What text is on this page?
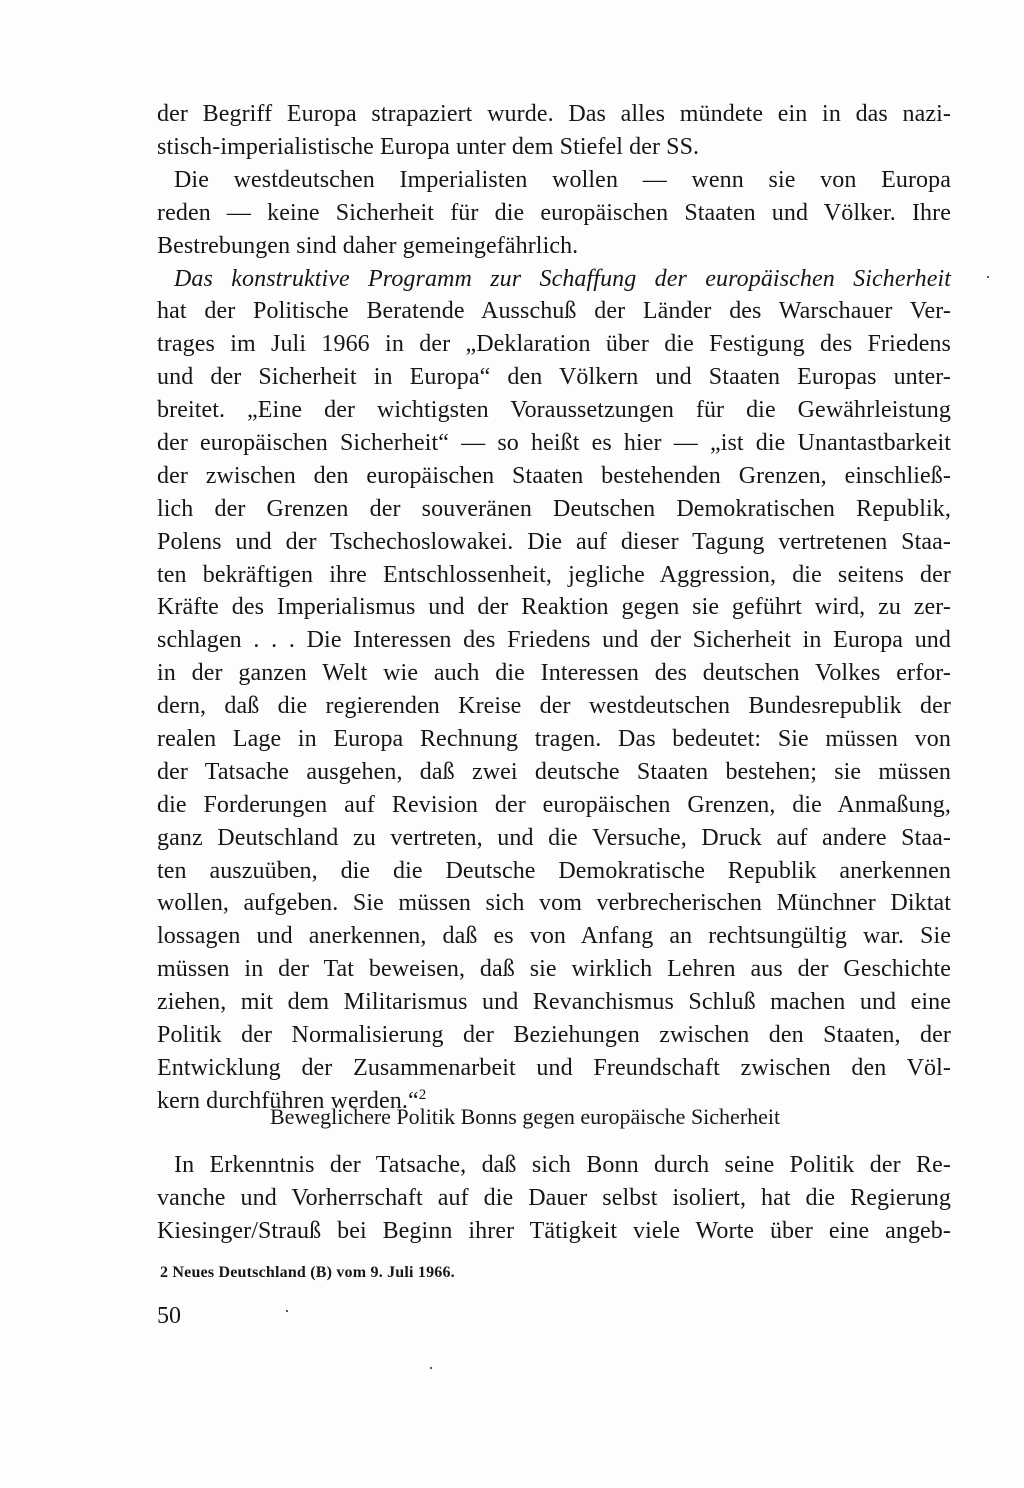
der Begriff Europa strapaziert wurde. Das alles mündete ein in das nazi-
stisch-imperialistische Europa unter dem Stiefel der SS.
Die westdeutschen Imperialisten wollen — wenn sie von Europa
reden — keine Sicherheit für die europäischen Staaten und Völker. Ihre
Bestrebungen sind daher gemeingefährlich.
Das konstruktive Programm zur Schaffung der europäischen Sicherheit
hat der Politische Beratende Ausschuß der Länder des Warschauer Ver-
trages im Juli 1966 in der „Deklaration über die Festigung des Friedens
und der Sicherheit in Europa“ den Völkern und Staaten Europas unter-
breitet. „Eine der wichtigsten Voraussetzungen für die Gewährleistung
der europäischen Sicherheit“ — so heißt es hier — „ist die Unantastbarkeit
der zwischen den europäischen Staaten bestehenden Grenzen, einschließ-
lich der Grenzen der souveränen Deutschen Demokratischen Republik,
Polens und der Tschechoslowakei. Die auf dieser Tagung vertretenen Staa-
ten bekräftigen ihre Entschlossenheit, jegliche Aggression, die seitens der
Kräfte des Imperialismus und der Reaktion gegen sie geführt wird, zu zer-
schlagen . . . Die Interessen des Friedens und der Sicherheit in Europa und
in der ganzen Welt wie auch die Interessen des deutschen Volkes erfor-
dern, daß die regierenden Kreise der westdeutschen Bundesrepublik der
realen Lage in Europa Rechnung tragen. Das bedeutet: Sie müssen von
der Tatsache ausgehen, daß zwei deutsche Staaten bestehen; sie müssen
die Forderungen auf Revision der europäischen Grenzen, die Anmaßung,
ganz Deutschland zu vertreten, und die Versuche, Druck auf andere Staa-
ten auszuüben, die die Deutsche Demokratische Republik anerkennen
wollen, aufgeben. Sie müssen sich vom verbrecherischen Münchner Diktat
lossagen und anerkennen, daß es von Anfang an rechtsungültig war. Sie
müssen in der Tat beweisen, daß sie wirklich Lehren aus der Geschichte
ziehen, mit dem Militarismus und Revanchismus Schluß machen und eine
Politik der Normalisierung der Beziehungen zwischen den Staaten, der
Entwicklung der Zusammenarbeit und Freundschaft zwischen den Völ-
kern durchführen werden.“$^2$
Beweglichere Politik Bonns gegen europäische Sicherheit
In Erkenntnis der Tatsache, daß sich Bonn durch seine Politik der Re-
vanche und Vorherrschaft auf die Dauer selbst isoliert, hat die Regierung
Kiesinger/Strauß bei Beginn ihrer Tätigkeit viele Worte über eine angeb-
2 Neues Deutschland (B) vom 9. Juli 1966.
50
